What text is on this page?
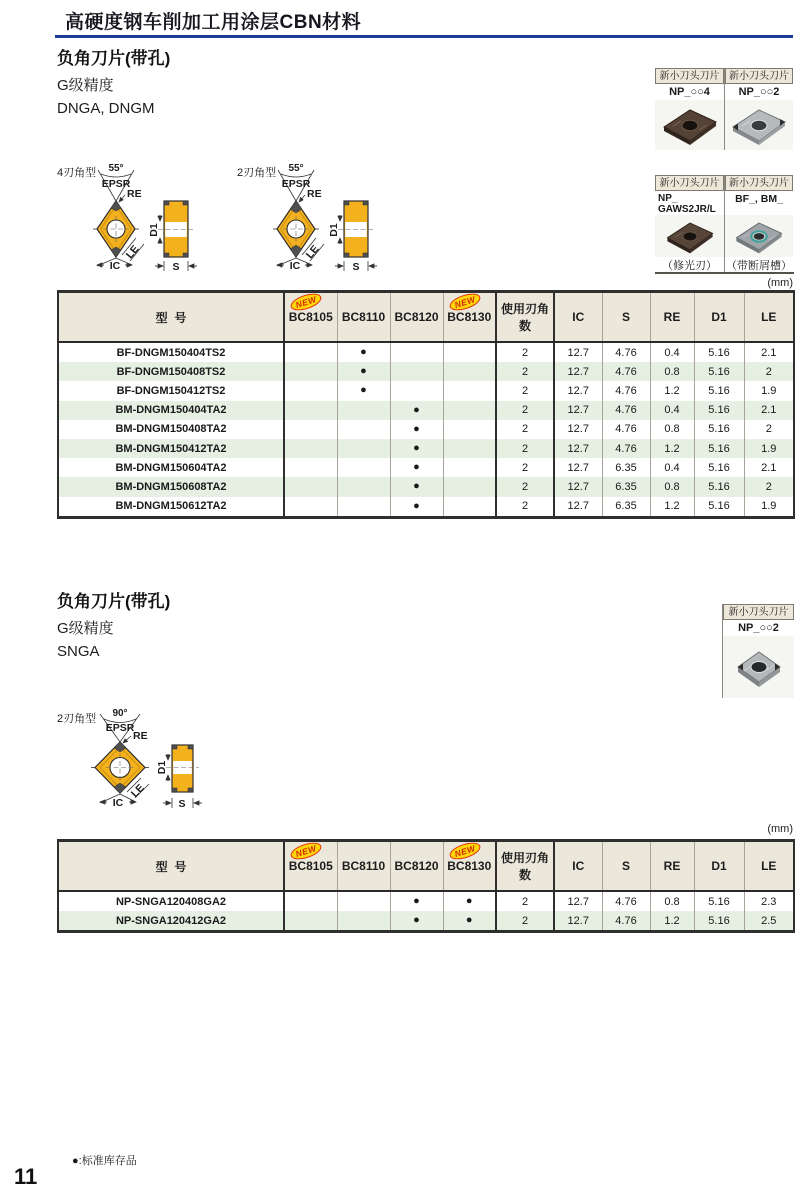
高硬度钢车削加工用涂层CBN材料
负角刀片(带孔)
G级精度
DNGA, DNGM
新小刀头刀片
NP_○○4
新小刀头刀片
NP_○○2
新小刀头刀片
NP_
GAWS2JR/L
（修光刃）
新小刀头刀片
BF_, BM_
（带断屑槽）
(mm)
4刃角型 55°
EPSR
RE
IC
LE
D1
S
2刃角型 55°
EPSR
RE
IC
LE
D1
S
型  号	NEW
BC8105	BC8110	BC8120	NEW
BC8130	使用刃角数	IC	S	RE	D1	LE
BF-DNGM150404TS2		●			2	12.7	4.76	0.4	5.16	2.1
BF-DNGM150408TS2		●			2	12.7	4.76	0.8	5.16	2
BF-DNGM150412TS2		●			2	12.7	4.76	1.2	5.16	1.9
BM-DNGM150404TA2			●		2	12.7	4.76	0.4	5.16	2.1
BM-DNGM150408TA2			●		2	12.7	4.76	0.8	5.16	2
BM-DNGM150412TA2			●		2	12.7	4.76	1.2	5.16	1.9
BM-DNGM150604TA2			●		2	12.7	6.35	0.4	5.16	2.1
BM-DNGM150608TA2			●		2	12.7	6.35	0.8	5.16	2
BM-DNGM150612TA2			●		2	12.7	6.35	1.2	5.16	1.9
负角刀片(带孔)
G级精度
SNGA
新小刀头刀片
NP_○○2
2刃角型 90°
EPSR
RE
IC
LE
D1
S
(mm)
型  号	NEW
BC8105	BC8110	BC8120	NEW
BC8130	使用刃角数	IC	S	RE	D1	LE
NP-SNGA120408GA2			●	●	2	12.7	4.76	0.8	5.16	2.3
NP-SNGA120412GA2			●	●	2	12.7	4.76	1.2	5.16	2.5
●:标准库存品
11
